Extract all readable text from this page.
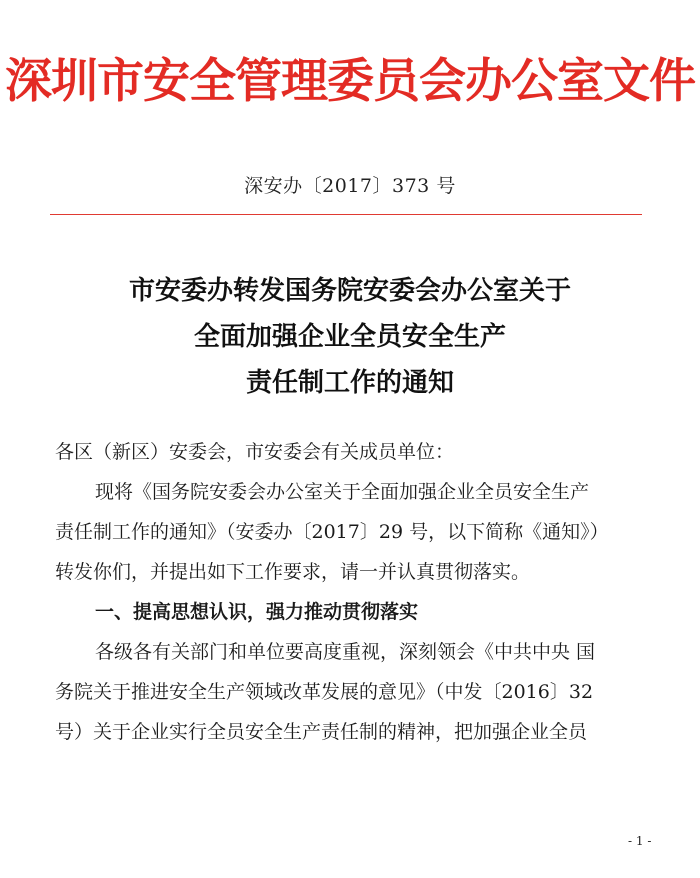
深圳市安全管理委员会办公室文件
深安办〔2017〕373 号
市安委办转发国务院安委会办公室关于
全面加强企业全员安全生产
责任制工作的通知
各区（新区）安委会，市安委会有关成员单位：
现将《国务院安委会办公室关于全面加强企业全员安全生产
责任制工作的通知》（安委办〔2017〕29 号，以下简称《通知》）
转发你们，并提出如下工作要求，请一并认真贯彻落实。
一、提高思想认识，强力推动贯彻落实
各级各有关部门和单位要高度重视，深刻领会《中共中央 国
务院关于推进安全生产领域改革发展的意见》（中发〔2016〕32
号）关于企业实行全员安全生产责任制的精神，把加强企业全员
- 1 -
